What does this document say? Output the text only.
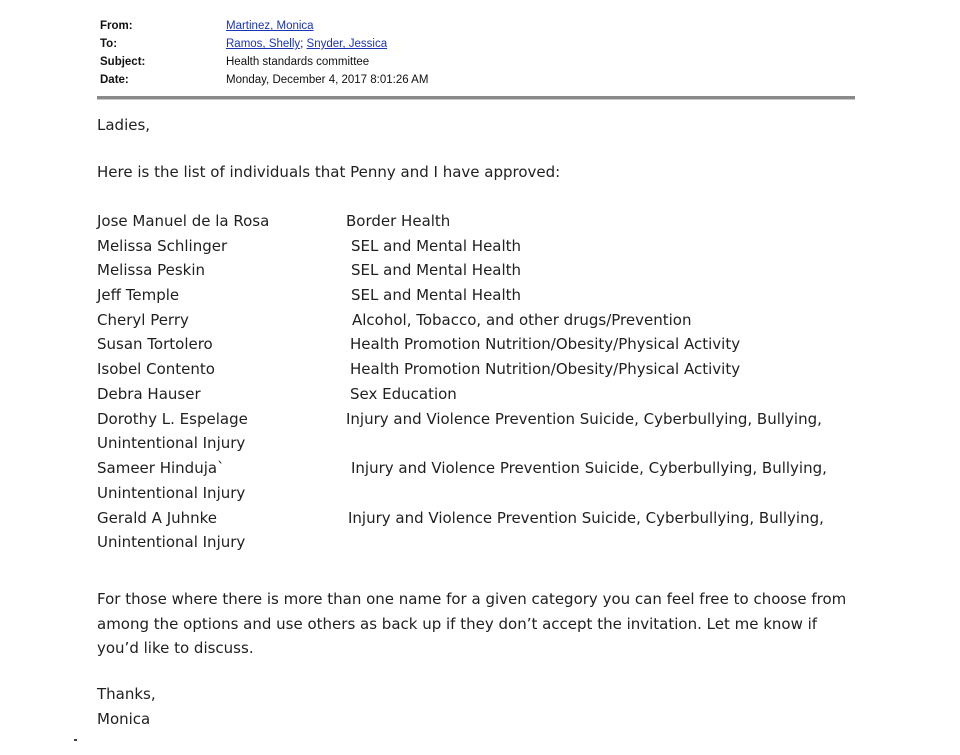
From:	Martinez, Monica
To:	Ramos, Shelly; Snyder, Jessica
Subject:	Health standards committee
Date:	Monday, December 4, 2017 8:01:26 AM
Ladies,
Here is the list of individuals that Penny and I have approved:
Jose Manuel de la Rosa	Border Health
Melissa Schlinger	SEL and Mental Health
Melissa Peskin	SEL and Mental Health
Jeff Temple	SEL and Mental Health
Cheryl Perry	Alcohol, Tobacco, and other drugs/Prevention
Susan Tortolero	Health Promotion Nutrition/Obesity/Physical Activity
Isobel Contento	Health Promotion Nutrition/Obesity/Physical Activity
Debra Hauser	Sex Education
Dorothy L. Espelage	Injury and Violence Prevention Suicide, Cyberbullying, Bullying,
Unintentional Injury
Sameer Hinduja`	Injury and Violence Prevention Suicide, Cyberbullying, Bullying,
Unintentional Injury
Gerald A Juhnke	Injury and Violence Prevention Suicide, Cyberbullying, Bullying,
Unintentional Injury
For those where there is more than one name for a given category you can feel free to choose from
among the options and use others as back up if they don’t accept the invitation. Let me know if
you’d like to discuss.
Thanks,
Monica
